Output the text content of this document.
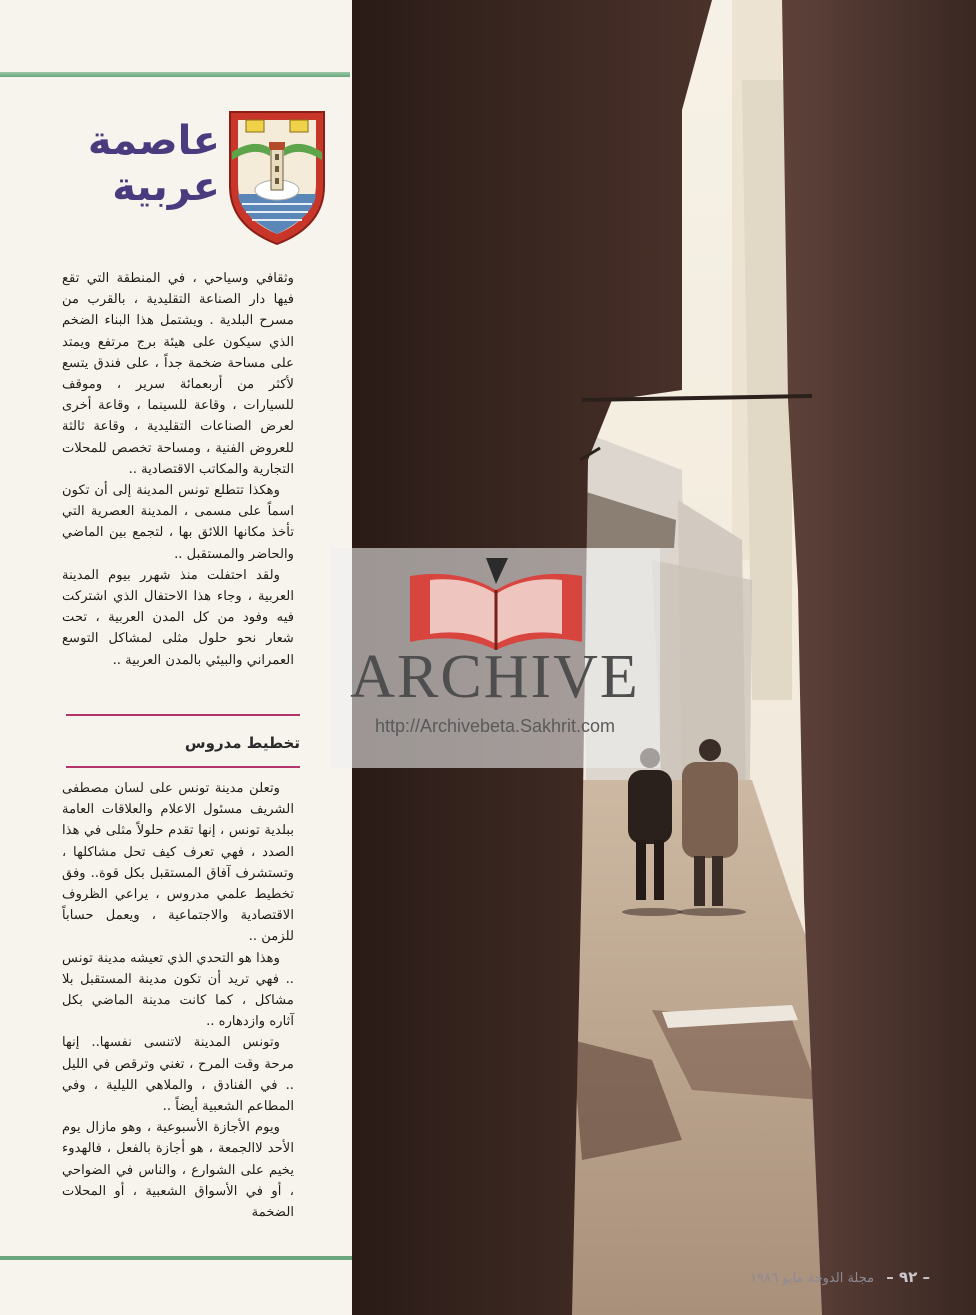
عاصمة
عربية

وثقافي وسياحي ، في المنطقة التي تقع فيها دار الصناعة التقليدية ، بالقرب من مسرح البلدية . ويشتمل هذا البناء الضخم الذي سيكون على هيئة برج مرتفع ويمتد على مساحة ضخمة جداً ، على فندق يتسع لأكثر من أربعمائة سرير ، وموقف للسيارات ، وقاعة للسينما ، وقاعة أخرى لعرض الصناعات التقليدية ، وقاعة ثالثة للعروض الفنية ، ومساحة تخصص للمحلات التجارية والمكاتب الاقتصادية ..

وهكذا تتطلع تونس المدينة إلى أن تكون اسماً على مسمى ، المدينة العصرية التي تأخذ مكانها اللائق بها ، لتجمع بين الماضي والحاضر والمستقبل ..

ولقد احتفلت منذ شهرر بيوم المدينة العربية ، وجاء هذا الاحتفال الذي اشتركت فيه وفود من كل المدن العربية ، تحت شعار نحو حلول مثلى لمشاكل التوسع العمراني والبيئي بالمدن العربية ..

تخطيط مدروس

وتعلن مدينة تونس على لسان مصطفى الشريف مسئول الاعلام والعلاقات العامة ببلدية تونس ، إنها تقدم حلولاً مثلى في هذا الصدد ، فهي تعرف كيف تحل مشاكلها ، وتستشرف آفاق المستقبل بكل قوة.. وفق تخطيط علمي مدروس ، يراعي الظروف الاقتصادية والاجتماعية ، ويعمل حساباً للزمن ..

وهذا هو التحدي الذي تعيشه مدينة تونس .. فهي تريد أن تكون مدينة المستقبل بلا مشاكل ، كما كانت مدينة الماضي بكل آثاره وازدهاره ..

وتونس المدينة لاتنسى نفسها.. إنها مرحة وقت المرح ، تغني وترقص في الليل .. في الفنادق ، والملاهي الليلية ، وفي المطاعم الشعبية أيضاً ..

ويوم الأجازة الأسبوعية ، وهو مازال يوم الأحد لاالجمعة ، هو أجازة بالفعل ، فالهدوء يخيم على الشوارع ، والناس في الضواحي ، أو في الأسواق الشعبية ، أو المحلات الضخمة

ARCHIVE
http://Archivebeta.Sakhrit.com
– ٩٢ – مجلة الدوحة مايو ١٩٨٦
